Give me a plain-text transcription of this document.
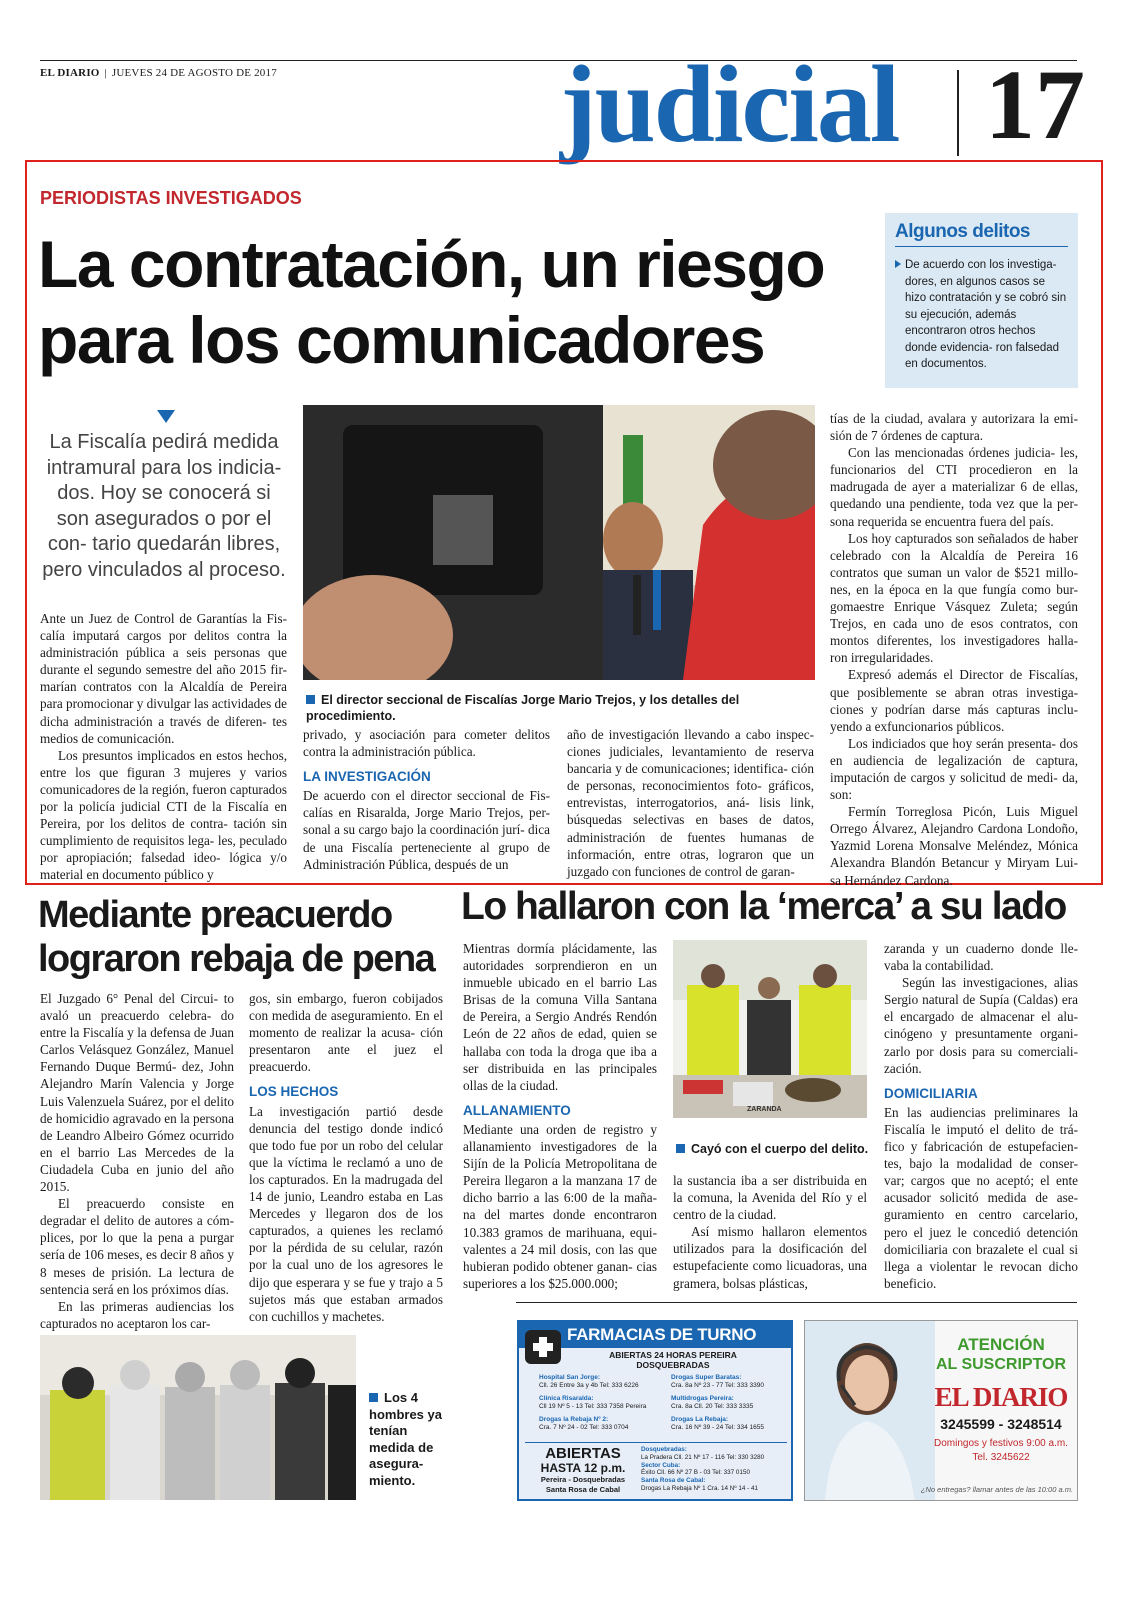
EL DIARIO | JUEVES 24 DE AGOSTO DE 2017	judicial 17
PERIODISTAS INVESTIGADOS
La contratación, un riesgo
para los comunicadores
Algunos delitos
De acuerdo con los investiga- dores, en algunos casos se hizo contratación y se cobró sin su ejecución, además encontraron otros hechos donde evidencia- ron falsedad en documentos.
La Fiscalía pedirá medida intramural para los indicia- dos. Hoy se conocerá si son asegurados o por el con- tario quedarán libres, pero vinculados al proceso.
El director seccional de Fiscalías Jorge Mario Trejos, y los detalles del procedimiento.

Ante un Juez de Control de Garantías la Fis- calía imputará cargos por delitos contra la administración pública a seis personas que durante el segundo semestre del año 2015 fir- marían contratos con la Alcaldía de Pereira para promocionar y divulgar las actividades de dicha administración a través de diferen- tes medios de comunicación.

Los presuntos implicados en estos hechos, entre los que figuran 3 mujeres y varios comunicadores de la región, fueron capturados por la policía judicial CTI de la Fiscalía en Pereira, por los delitos de contra- tación sin cumplimiento de requisitos lega- les, peculado por apropiación; falsedad ideo- lógica y/o material en documento público y

privado, y asociación para cometer delitos contra la administración pública.

LA INVESTIGACIÓN

De acuerdo con el director seccional de Fis- calías en Risaralda, Jorge Mario Trejos, per- sonal a su cargo bajo la coordinación jurí- dica de una Fiscalía perteneciente al grupo de Administración Pública, después de un

año de investigación llevando a cabo inspec- ciones judiciales, levantamiento de reserva bancaria y de comunicaciones; identifica- ción de personas, reconocimientos foto- gráficos, entrevistas, interrogatorios, aná- lisis link, búsquedas selectivas en bases de datos, administración de fuentes humanas de información, entre otras, lograron que un juzgado con funciones de control de garan-

tías de la ciudad, avalara y autorizara la emi- sión de 7 órdenes de captura.

Con las mencionadas órdenes judicia- les, funcionarios del CTI procedieron en la madrugada de ayer a materializar 6 de ellas, quedando una pendiente, toda vez que la per- sona requerida se encuentra fuera del país.

Los hoy capturados son señalados de haber celebrado con la Alcaldía de Pereira 16 contratos que suman un valor de $521 millo- nes, en la época en la que fungía como bur- gomaestre Enrique Vásquez Zuleta; según Trejos, en cada uno de esos contratos, con montos diferentes, los investigadores halla- ron irregularidades.

Expresó además el Director de Fiscalías, que posiblemente se abran otras investiga- ciones y podrían darse más capturas inclu- yendo a exfuncionarios públicos.

Los indiciados que hoy serán presenta- dos en audiencia de legalización de captura, imputación de cargos y solicitud de medi- da, son:

Fermín Torreglosa Picón, Luis Miguel Orrego Álvarez, Alejandro Cardona Londoño, Yazmid Lorena Monsalve Meléndez, Mónica Alexandra Blandón Betancur y Miryam Lui- sa Hernández Cardona.

Mediante preacuerdo
lograron rebaja de pena

El Juzgado 6° Penal del Circui- to avaló un preacuerdo celebra- do entre la Fiscalía y la defensa de Juan Carlos Velásquez González, Manuel Fernando Duque Bermú- dez, John Alejandro Marín Valencia y Jorge Luis Valenzuela Suárez, por el delito de homicidio agravado en la persona de Leandro Albeiro Gómez ocurrido en el barrio Las Mercedes de la Ciudadela Cuba en junio del año 2015.

El preacuerdo consiste en degradar el delito de autores a cóm- plices, por lo que la pena a purgar sería de 106 meses, es decir 8 años y 8 meses de prisión. La lectura de sentencia será en los próximos días.

En las primeras audiencias los capturados no aceptaron los car-

gos, sin embargo, fueron cobijados con medida de aseguramiento. En el momento de realizar la acusa- ción presentaron ante el juez el preacuerdo.

LOS HECHOS

La investigación partió desde denuncia del testigo donde indicó que todo fue por un robo del celular que la víctima le reclamó a uno de los capturados. En la madrugada del 14 de junio, Leandro estaba en Las Mercedes y llegaron dos de los capturados, a quienes les reclamó por la pérdida de su celular, razón por la cual uno de los agresores le dijo que esperara y se fue y trajo a 5 sujetos más que estaban armados con cuchillos y machetes.

Los 4 hombres ya tenían medida de asegura- miento.
Lo hallaron con la ‘merca’ a su lado

Mientras dormía plácidamente, las autoridades sorprendieron en un inmueble ubicado en el barrio Las Brisas de la comuna Villa Santana de Pereira, a Sergio Andrés Rendón León de 22 años de edad, quien se hallaba con toda la droga que iba a ser distribuida en las principales ollas de la ciudad.

ALLANAMIENTO

Mediante una orden de registro y allanamiento investigadores de la Sijín de la Policía Metropolitana de Pereira llegaron a la manzana 17 de dicho barrio a las 6:00 de la maña- na del martes donde encontraron 10.383 gramos de marihuana, equi- valentes a 24 mil dosis, con las que hubieran podido obtener ganan- cias superiores a los $25.000.000;

ZARANDA
Cayó con el cuerpo del delito.

la sustancia iba a ser distribuida en la comuna, la Avenida del Río y el centro de la ciudad.

Así mismo hallaron elementos utilizados para la dosificación del estupefaciente como licuadoras, una gramera, bolsas plásticas,

zaranda y un cuaderno donde lle- vaba la contabilidad.

Según las investigaciones, alias Sergio natural de Supía (Caldas) era el encargado de almacenar el alu- cinógeno y presuntamente organi- zarlo por dosis para su comerciali- zación.

DOMICILIARIA

En las audiencias preliminares la Fiscalía le imputó el delito de trá- fico y fabricación de estupefacien- tes, bajo la modalidad de conser- var; cargos que no aceptó; el ente acusador solicitó medida de ase- guramiento en centro carcelario, pero el juez le concedió detención domiciliaria con brazalete el cual si llega a violentar le revocan dicho beneficio.

FARMACIAS DE TURNO
ABIERTAS 24 HORAS PEREIRA
DOSQUEBRADAS
Hospital San Jorge:
Cll. 26 Entre 3a y 4b Tel: 333 6226
Clínica Risaralda:
Cll 19 Nº 5 - 13 Tel: 333 7358 Pereira
Drogas la Rebaja Nº 2:
Cra. 7 Nº 24 - 02 Tel: 333 0704
Drogas Super Baratas:
Cra. 8a Nº 23 - 77 Tel: 333 3390
Multidrogas Pereira:
Cra. 8a Cll. 20 Tel: 333 3335
Drogas La Rebaja:
Cra. 16 Nº 39 - 24 Tel: 334 1655
ABIERTAS
HASTA 12 p.m.
Pereira - Dosquebradas
Santa Rosa de Cabal
Dosquebradas:
La Pradera Cll. 21 Nº 17 - 116 Tel: 330 3280
Sector Cuba:
Éxito Cll. 66 Nº 27 B - 03 Tel: 337 0150
Santa Rosa de Cabal:
Drogas La Rebaja Nº 1 Cra. 14 Nº 14 - 41
ATENCIÓN
AL SUSCRIPTOR
EL DIARIO
3245599 - 3248514
Domingos y festivos 9:00 a.m.
Tel. 3245622
¿No entregas? llamar antes de las 10:00 a.m.
